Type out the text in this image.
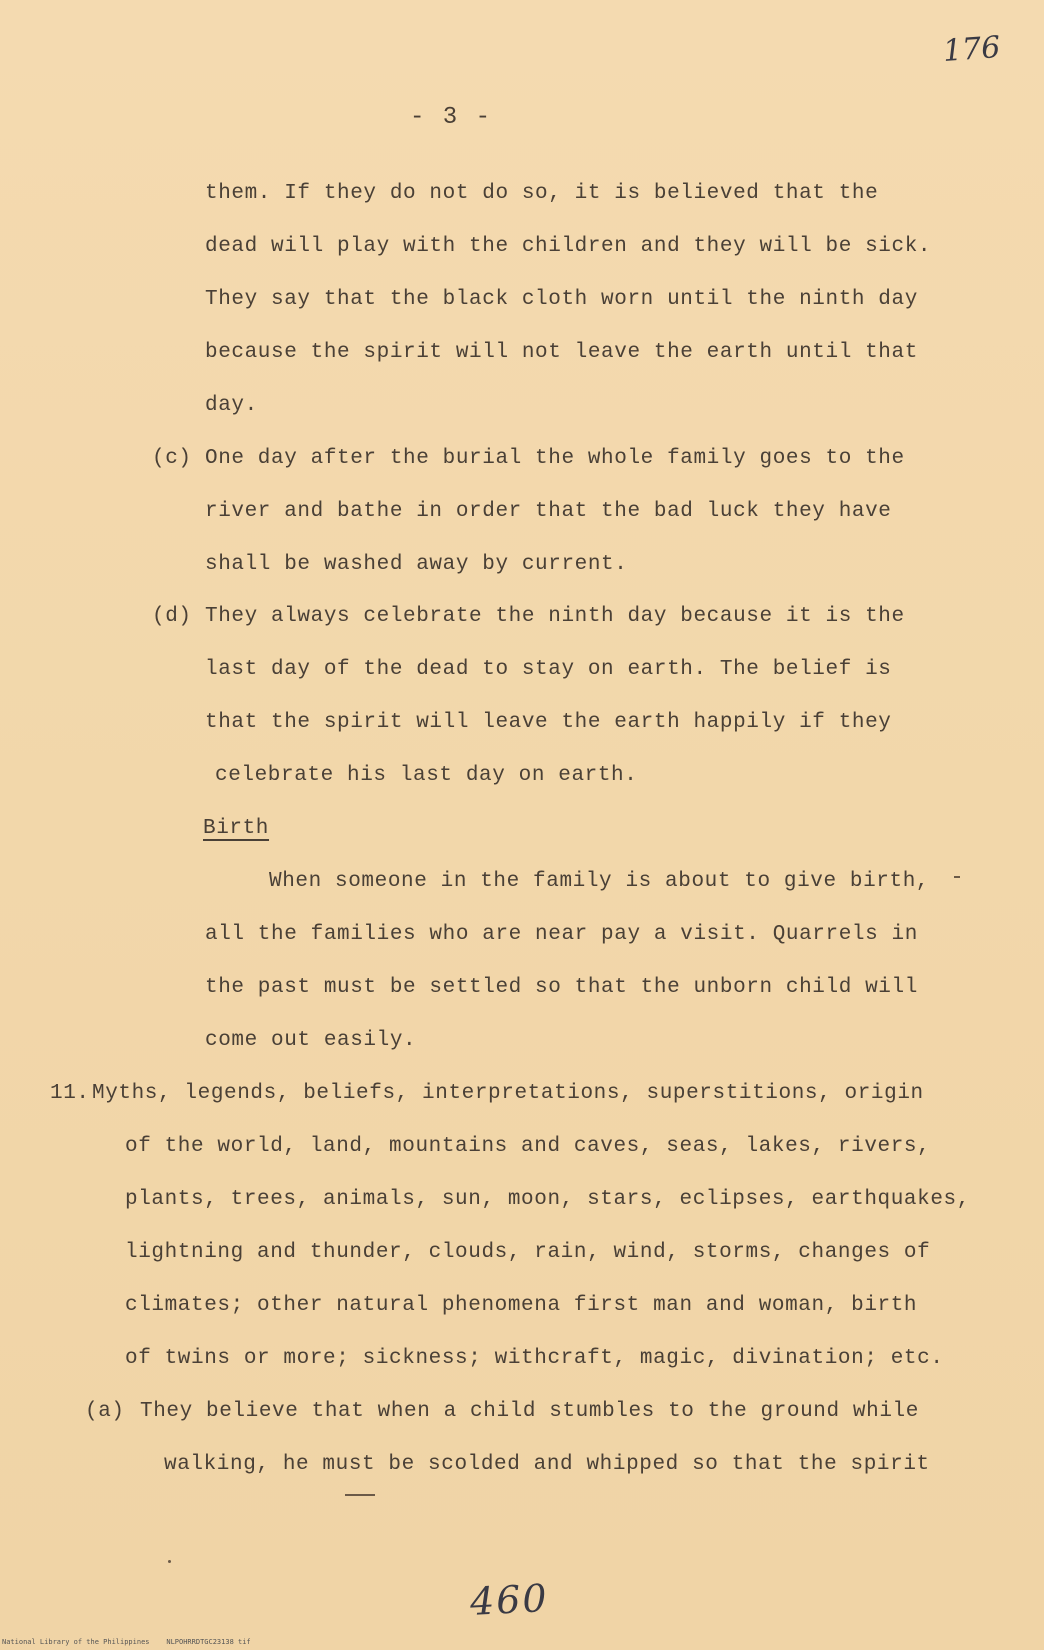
176
- 3 -
them. If they do not do so, it is believed that the
dead will play with the children and they will be sick.
They say that the black cloth worn until the ninth day
because the spirit will not leave the earth until that
day.
(c) One day after the burial the whole family goes to the
river and bathe in order that the bad luck they have
shall be washed away by current.
(d) They always celebrate the ninth day because it is the
last day of the dead to stay on earth. The belief is
that the spirit will leave the earth happily if they
celebrate his last day on earth.
Birth
When someone in the family is about to give birth,
all the families who are near pay a visit. Quarrels in
the past must be settled so that the unborn child will
come out easily.
11. Myths, legends, beliefs, interpretations, superstitions, origin
of the world, land, mountains and caves, seas, lakes, rivers,
plants, trees, animals, sun, moon, stars, eclipses, earthquakes,
lightning and thunder, clouds, rain, wind, storms, changes of
climates; other natural phenomena first man and woman, birth
of twins or more; sickness; withcraft, magic, divination; etc.
(a) They believe that when a child stumbles to the ground while
walking, he must be scolded and whipped so that the spirit
460
National Library of the Philippines    NLPOHRRDTGC23138 tif
